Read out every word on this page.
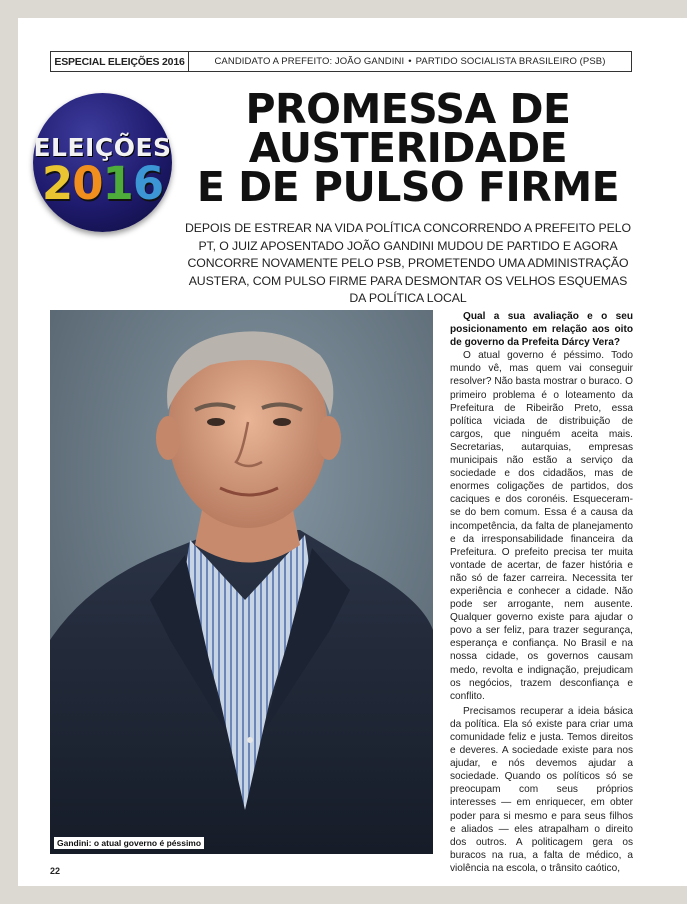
ESPECIAL ELEIÇÕES 2016	CANDIDATO A PREFEITO: JOÃO GANDINI • PARTIDO SOCIALISTA BRASILEIRO (PSB)
ELEIÇÕES
2016
PROMESSA DE
AUSTERIDADE
E DE PULSO FIRME
DEPOIS DE ESTREAR NA VIDA POLÍTICA CONCORRENDO A PREFEITO PELO PT, O JUIZ APOSENTADO JOÃO GANDINI MUDOU DE PARTIDO E AGORA CONCORRE NOVAMENTE PELO PSB, PROMETENDO UMA ADMINISTRAÇÃO AUSTERA, COM PULSO FIRME PARA DESMONTAR OS VELHOS ESQUEMAS DA POLÍTICA LOCAL
Gandini: o atual governo é péssimo

Qual a sua avaliação e o seu posicionamento em relação aos oito de governo da Prefeita Dárcy Vera?

O atual governo é péssimo. Todo mundo vê, mas quem vai conseguir resolver? Não basta mostrar o buraco. O primeiro problema é o loteamento da Prefeitura de Ribeirão Preto, essa política viciada de distribuição de cargos, que ninguém aceita mais. Secretarias, autarquias, empresas municipais não estão a serviço da sociedade e dos cidadãos, mas de enormes coligações de partidos, dos caciques e dos coronéis. Esqueceram-se do bem comum. Essa é a causa da incompetência, da falta de planejamento e da irresponsabilidade financeira da Prefeitura. O prefeito precisa ter muita vontade de acertar, de fazer história e não só de fazer carreira. Necessita ter experiência e conhecer a cidade. Não pode ser arrogante, nem ausente. Qualquer governo existe para ajudar o povo a ser feliz, para trazer segurança, esperança e confiança. No Brasil e na nossa cidade, os governos causam medo, revolta e indignação, prejudicam os negócios, trazem desconfiança e conflito.

Precisamos recuperar a ideia básica da política. Ela só existe para criar uma comunidade feliz e justa. Temos direitos e deveres. A sociedade existe para nos ajudar, e nós devemos ajudar a sociedade. Quando os políticos só se preocupam com seus próprios interesses — em enriquecer, em obter poder para si mesmo e para seus filhos e aliados — eles atrapalham o direito dos outros. A politicagem gera os buracos na rua, a falta de médico, a violência na escola, o trânsito caótico,

22
